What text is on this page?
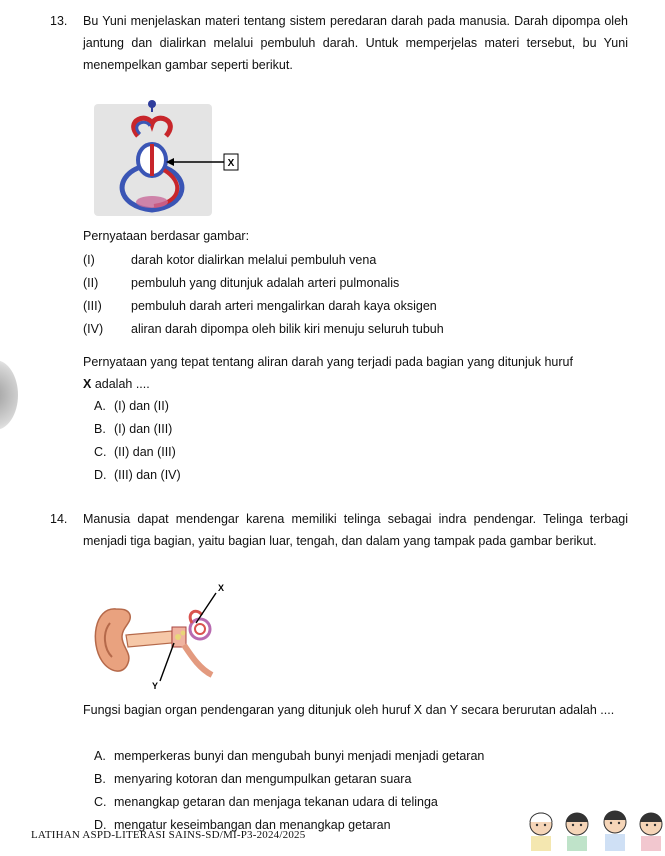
13. Bu Yuni menjelaskan materi tentang sistem peredaran darah pada manusia. Darah dipompa oleh jantung dan dialirkan melalui pembuluh darah. Untuk memperjelas materi tersebut, bu Yuni menempelkan gambar seperti berikut.

X
Pernyataan berdasar gambar:
(I)	darah kotor dialirkan melalui pembuluh vena
(II)	pembuluh yang ditunjuk adalah arteri pulmonalis
(III) pembuluh darah arteri mengalirkan darah kaya oksigen
(IV) aliran darah dipompa oleh bilik kiri menuju seluruh tubuh
Pernyataan yang tepat tentang aliran darah yang terjadi pada bagian yang ditunjuk huruf
X adalah ....
A. (I) dan (II)
B. (I) dan (III)
C. (II) dan (III)
D. (III) dan (IV)
14. Manusia dapat mendengar karena memiliki telinga sebagai indra pendengar. Telinga terbagi menjadi tiga bagian, yaitu bagian luar, tengah, dan dalam yang tampak pada gambar berikut.

X
Y

Fungsi bagian organ pendengaran yang ditunjuk oleh huruf X dan Y secara berurutan adalah ....

A. memperkeras bunyi dan mengubah bunyi menjadi menjadi getaran
B. menyaring kotoran dan mengumpulkan getaran suara
C. menangkap getaran dan menjaga tekanan udara di telinga
D. mengatur keseimbangan dan menangkap getaran
LATIHAN ASPD-LITERASI SAINS-SD/MI-P3-2024/2025
